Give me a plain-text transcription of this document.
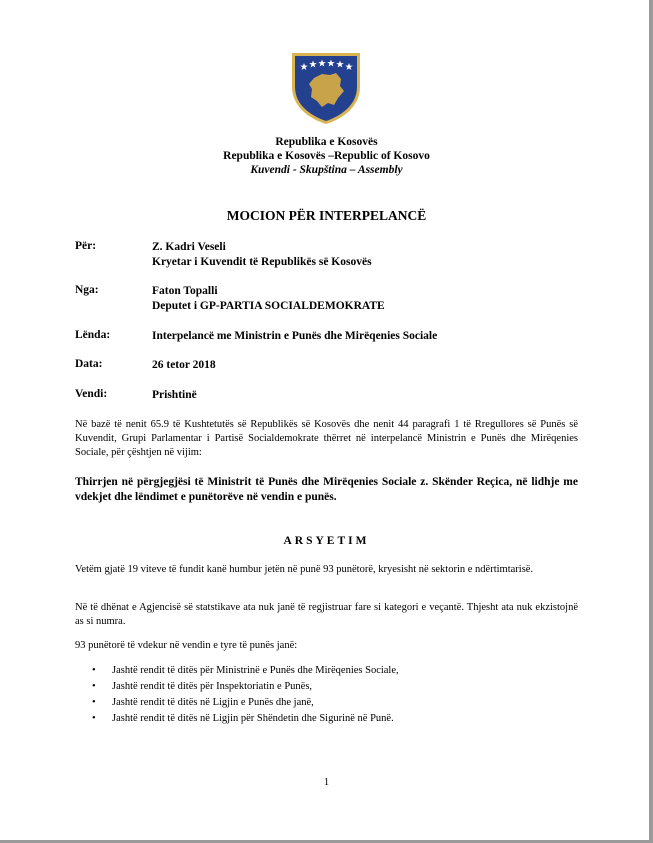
Republika e Kosovës
Republika e Kosovës –Republic of Kosovo
Kuvendi - Skupština – Assembly
MOCION PËR INTERPELANCË
Për:	Z. Kadri Veseli
Kryetar i Kuvendit të Republikës së Kosovës
Nga:	Faton Topalli
Deputet i GP-PARTIA SOCIALDEMOKRATE
Lënda:	Interpelancë me Ministrin e Punës dhe Mirëqenies Sociale
Data:	26 tetor 2018
Vendi:	Prishtinë
Në bazë të nenit 65.9 të Kushtetutës së Republikës së Kosovës dhe nenit 44 paragrafi 1 të Rregullores së Punës së Kuvendit, Grupi Parlamentar i Partisë Socialdemokrate thërret në interpelancë Ministrin e Punës dhe Mirëqenies Sociale, për çështjen në vijim:
Thirrjen në përgjegjësi të Ministrit të Punës dhe Mirëqenies Sociale z. Skënder Reçica, në lidhje me vdekjet dhe lëndimet e punëtorëve në vendin e punës.
ARSYETIM
Vetëm gjatë 19 viteve të fundit kanë humbur jetën në punë 93 punëtorë, kryesisht në sektorin e ndërtimtarisë.
Në të dhënat e Agjencisë së statstikave ata nuk janë të regjistruar fare si kategori e veçantë. Thjesht ata nuk ekzistojnë as si numra.
93 punëtorë të vdekur në vendin e tyre të punës janë:
• Jashtë rendit të ditës për Ministrinë e Punës dhe Mirëqenies Sociale,
• Jashtë rendit të ditës për Inspektoriatin e Punës,
• Jashtë rendit të ditës në Ligjin e Punës dhe janë,
• Jashtë rendit të ditës në Ligjin për Shëndetin dhe Sigurinë në Punë.
1
